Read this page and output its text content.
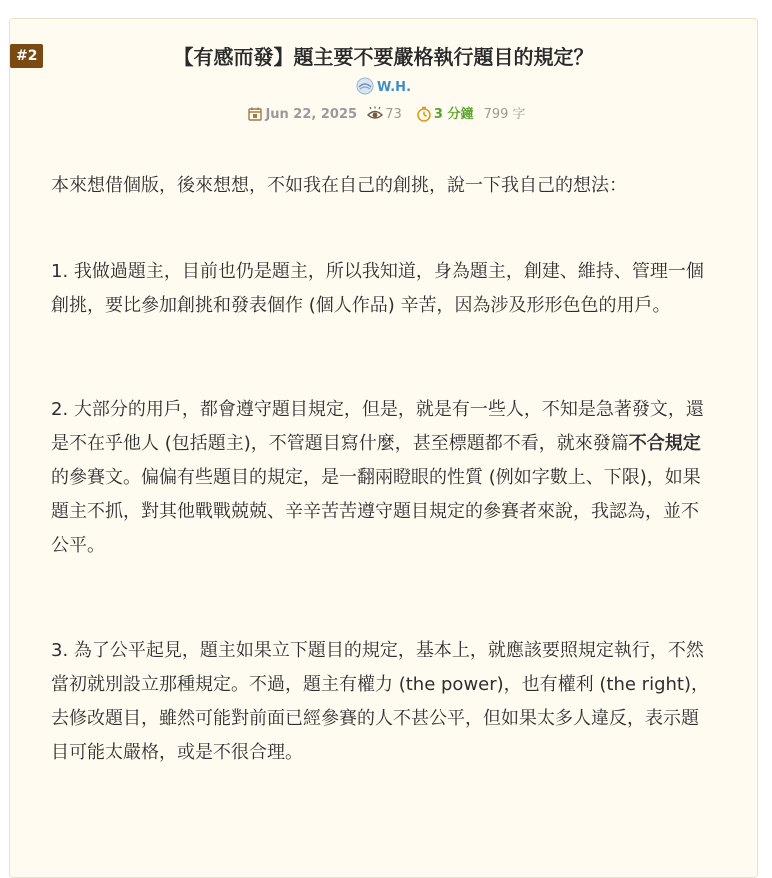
#2	【有感而發】題主要不要嚴格執行題目的規定？
W.H.
Jun 22, 2025 73 3 分鐘 799 字

本來想借個版，後來想想，不如我在自己的創挑，說一下我自己的想法：

1. 我做過題主，目前也仍是題主，所以我知道，身為題主，創建、維持、管理一個創挑，要比參加創挑和發表個作 (個人作品) 辛苦，因為涉及形形色色的用戶。

2. 大部分的用戶，都會遵守題目規定，但是，就是有一些人，不知是急著發文，還是不在乎他人 (包括題主)，不管題目寫什麼，甚至標題都不看，就來發篇不合規定的參賽文。偏偏有些題目的規定，是一翻兩瞪眼的性質 (例如字數上、下限)，如果題主不抓，對其他戰戰兢兢、辛辛苦苦遵守題目規定的參賽者來說，我認為，並不公平。

3. 為了公平起見，題主如果立下題目的規定，基本上，就應該要照規定執行，不然當初就別設立那種規定。不過，題主有權力 (the power)，也有權利 (the right)，去修改題目，雖然可能對前面已經參賽的人不甚公平，但如果太多人違反，表示題目可能太嚴格，或是不很合理。
